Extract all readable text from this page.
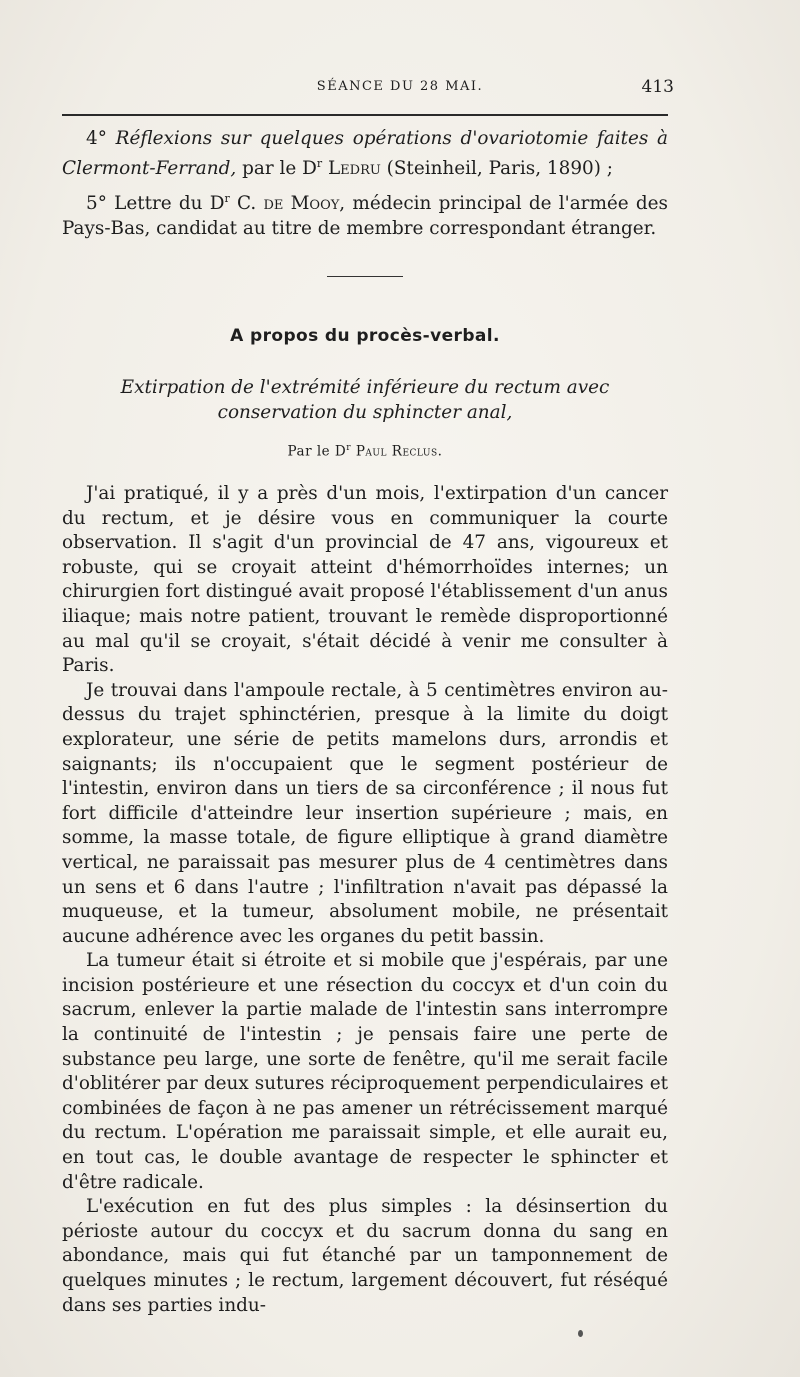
SÉANCE DU 28 MAI.	413

4° Réflexions sur quelques opérations d'ovariotomie faites à Clermont-Ferrand, par le $D^r$ Ledru (Steinheil, Paris, 1890) ;

5° Lettre du $D^r$ C. de Mooy, médecin principal de l'armée des Pays-Bas, candidat au titre de membre correspondant étranger.

A propos du procès-verbal.
Extirpation de l'extrémité inférieure du rectum avec conservation du sphincter anal,
Par le $D^r$ Paul Reclus.

J'ai pratiqué, il y a près d'un mois, l'extirpation d'un cancer du rectum, et je désire vous en communiquer la courte observation. Il s'agit d'un provincial de 47 ans, vigoureux et robuste, qui se croyait atteint d'hémorrhoïdes internes; un chirurgien fort distingué avait proposé l'établissement d'un anus iliaque; mais notre patient, trouvant le remède disproportionné au mal qu'il se croyait, s'était décidé à venir me consulter à Paris.

Je trouvai dans l'ampoule rectale, à 5 centimètres environ au-dessus du trajet sphinctérien, presque à la limite du doigt explorateur, une série de petits mamelons durs, arrondis et saignants; ils n'occupaient que le segment postérieur de l'intestin, environ dans un tiers de sa circonférence ; il nous fut fort difficile d'atteindre leur insertion supérieure ; mais, en somme, la masse totale, de figure elliptique à grand diamètre vertical, ne paraissait pas mesurer plus de 4 centimètres dans un sens et 6 dans l'autre ; l'infiltration n'avait pas dépassé la muqueuse, et la tumeur, absolument mobile, ne présentait aucune adhérence avec les organes du petit bassin.

La tumeur était si étroite et si mobile que j'espérais, par une incision postérieure et une résection du coccyx et d'un coin du sacrum, enlever la partie malade de l'intestin sans interrompre la continuité de l'intestin ; je pensais faire une perte de substance peu large, une sorte de fenêtre, qu'il me serait facile d'oblitérer par deux sutures réciproquement perpendiculaires et combinées de façon à ne pas amener un rétrécissement marqué du rectum. L'opération me paraissait simple, et elle aurait eu, en tout cas, le double avantage de respecter le sphincter et d'être radicale.

L'exécution en fut des plus simples : la désinsertion du périoste autour du coccyx et du sacrum donna du sang en abondance, mais qui fut étanché par un tamponnement de quelques minutes ; le rectum, largement découvert, fut réséqué dans ses parties indu-
